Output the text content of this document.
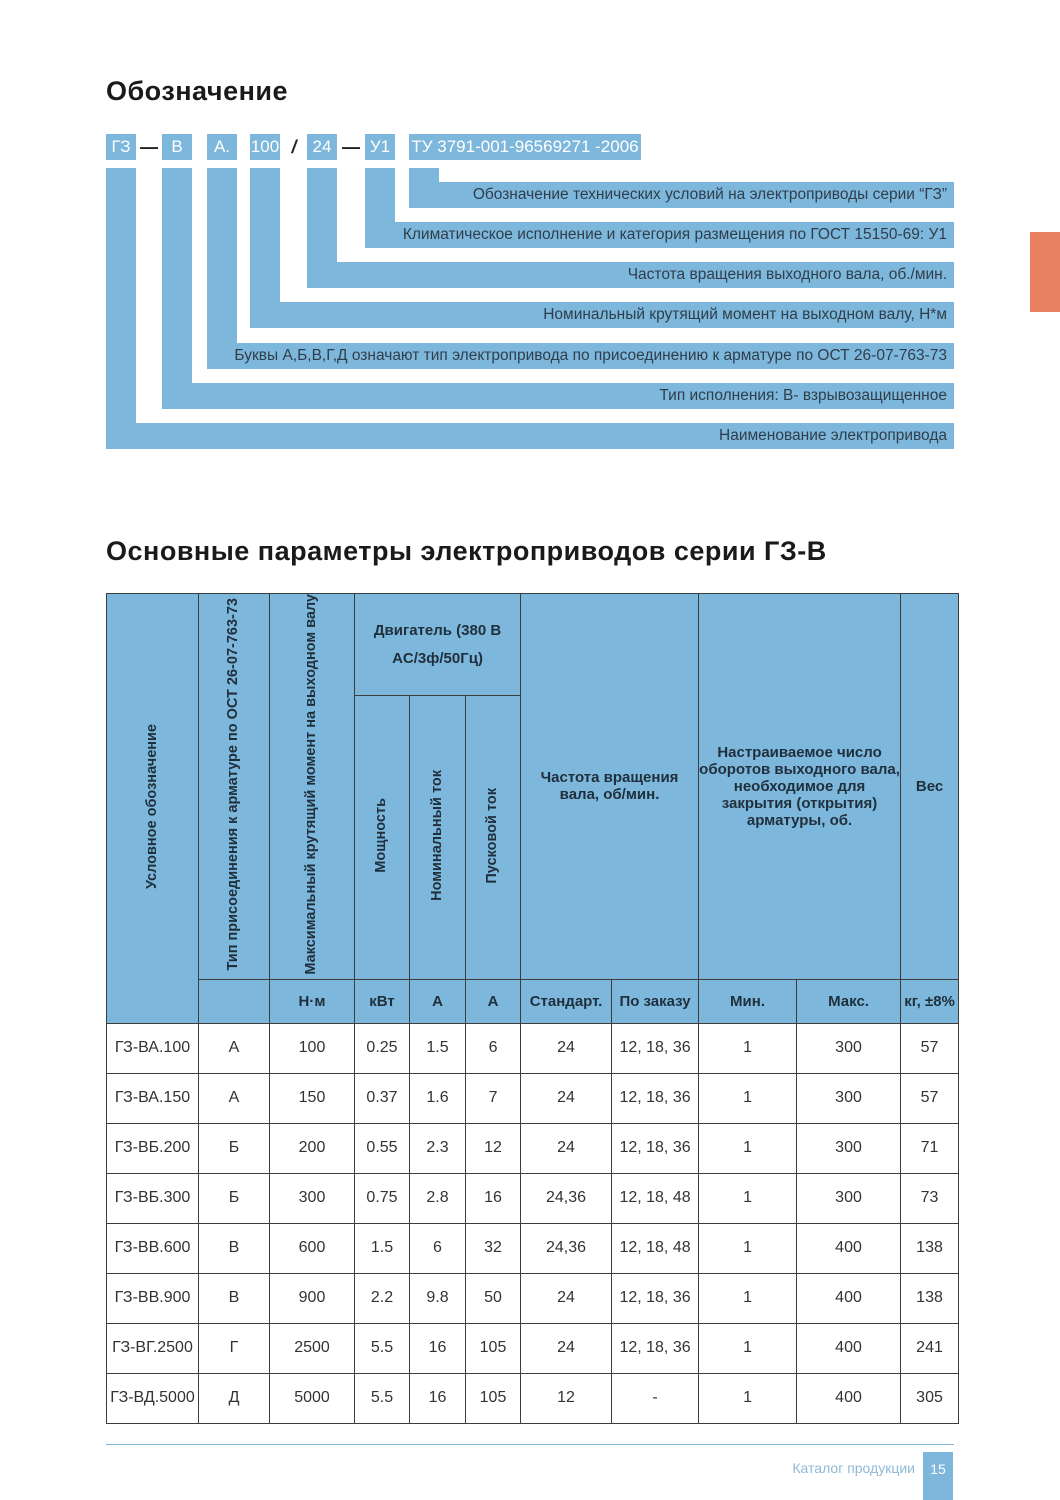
Обозначение
ГЗ — В	А.	100 / 24 — У1 ТУ 3791-001-96569271 -2006
Обозначение технических условий на электроприводы серии “ГЗ”
Климатическое исполнение и категория размещения по ГОСТ 15150-69: У1
Частота вращения выходного вала, об./мин.
Номинальный крутящий момент на выходном валу, Н*м
Буквы А,Б,В,Г,Д означают тип электропривода по присоединению к арматуре по ОСТ 26-07-763-73
Тип исполнения: В- взрывозащищенное
Наименование электропривода
Основные параметры электроприводов серии ГЗ-В
Условное обозначение	Тип присоединения к арматуре по ОСТ 26-07-763-73	Максимальный крутящий момент на выходном валу	Двигатель (380 В AC/3ф/50Гц)			Частота вращения вала, об/мин.		Настраиваемое число оборотов выходного вала, необходимое для закрытия (открытия) арматуры, об.		Вес
			Мощность	Номинальный ток	Пусковой ток					
		Н·м	кВт	А	А	Стандарт.	По заказу	Мин.	Макс.	кг, ±8%
ГЗ-ВА.100	А	100	0.25	1.5	6	24	12, 18, 36	1	300	57
ГЗ-ВА.150	А	150	0.37	1.6	7	24	12, 18, 36	1	300	57
ГЗ-ВБ.200	Б	200	0.55	2.3	12	24	12, 18, 36	1	300	71
ГЗ-ВБ.300	Б	300	0.75	2.8	16	24,36	12, 18, 48	1	300	73
ГЗ-ВВ.600	В	600	1.5	6	32	24,36	12, 18, 48	1	400	138
ГЗ-ВВ.900	В	900	2.2	9.8	50	24	12, 18, 36	1	400	138
ГЗ-ВГ.2500	Г	2500	5.5	16	105	24	12, 18, 36	1	400	241
ГЗ-ВД.5000	Д	5000	5.5	16	105	12	-	1	400	305
Каталог продукции	15
